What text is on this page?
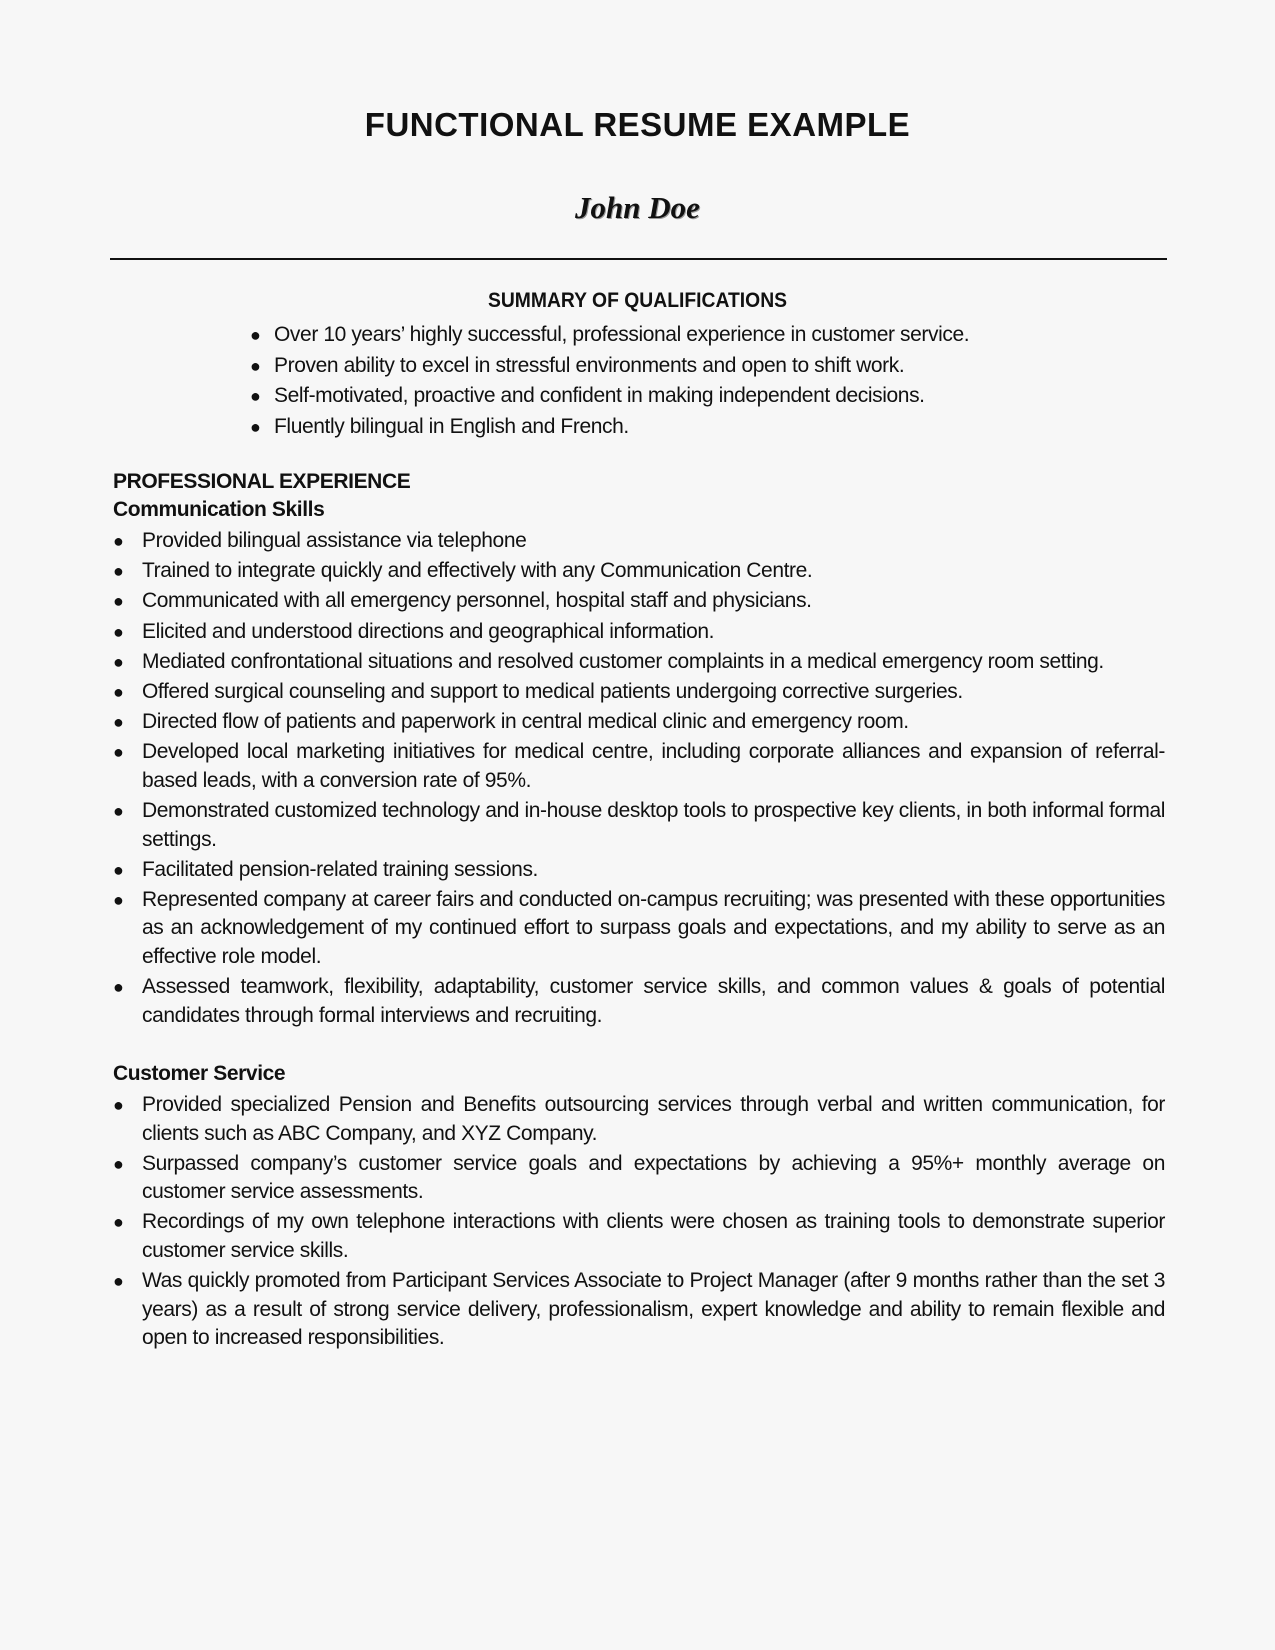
FUNCTIONAL RESUME EXAMPLE
John Doe
SUMMARY OF QUALIFICATIONS
● Over 10 years’ highly successful, professional experience in customer service.
● Proven ability to excel in stressful environments and open to shift work.
● Self-motivated, proactive and confident in making independent decisions.
● Fluently bilingual in English and French.
PROFESSIONAL EXPERIENCE
Communication Skills
● Provided bilingual assistance via telephone
● Trained to integrate quickly and effectively with any Communication Centre.
● Communicated with all emergency personnel, hospital staff and physicians.
● Elicited and understood directions and geographical information.
● Mediated confrontational situations and resolved customer complaints in a medical emergency room setting.
● Offered surgical counseling and support to medical patients undergoing corrective surgeries.
● Directed flow of patients and paperwork in central medical clinic and emergency room.
● Developed local marketing initiatives for medical centre, including corporate alliances and expansion of referral-based leads, with a conversion rate of 95%.
● Demonstrated customized technology and in-house desktop tools to prospective key clients, in both informal formal settings.
● Facilitated pension-related training sessions.
● Represented company at career fairs and conducted on-campus recruiting; was presented with these opportunities as an acknowledgement of my continued effort to surpass goals and expectations, and my ability to serve as an effective role model.
● Assessed teamwork, flexibility, adaptability, customer service skills, and common values & goals of potential candidates through formal interviews and recruiting.
Customer Service
● Provided specialized Pension and Benefits outsourcing services through verbal and written communication, for clients such as ABC Company, and XYZ Company.
● Surpassed company’s customer service goals and expectations by achieving a 95%+ monthly average on customer service assessments.
● Recordings of my own telephone interactions with clients were chosen as training tools to demonstrate superior customer service skills.
● Was quickly promoted from Participant Services Associate to Project Manager (after 9 months rather than the set 3 years) as a result of strong service delivery, professionalism, expert knowledge and ability to remain flexible and open to increased responsibilities.
